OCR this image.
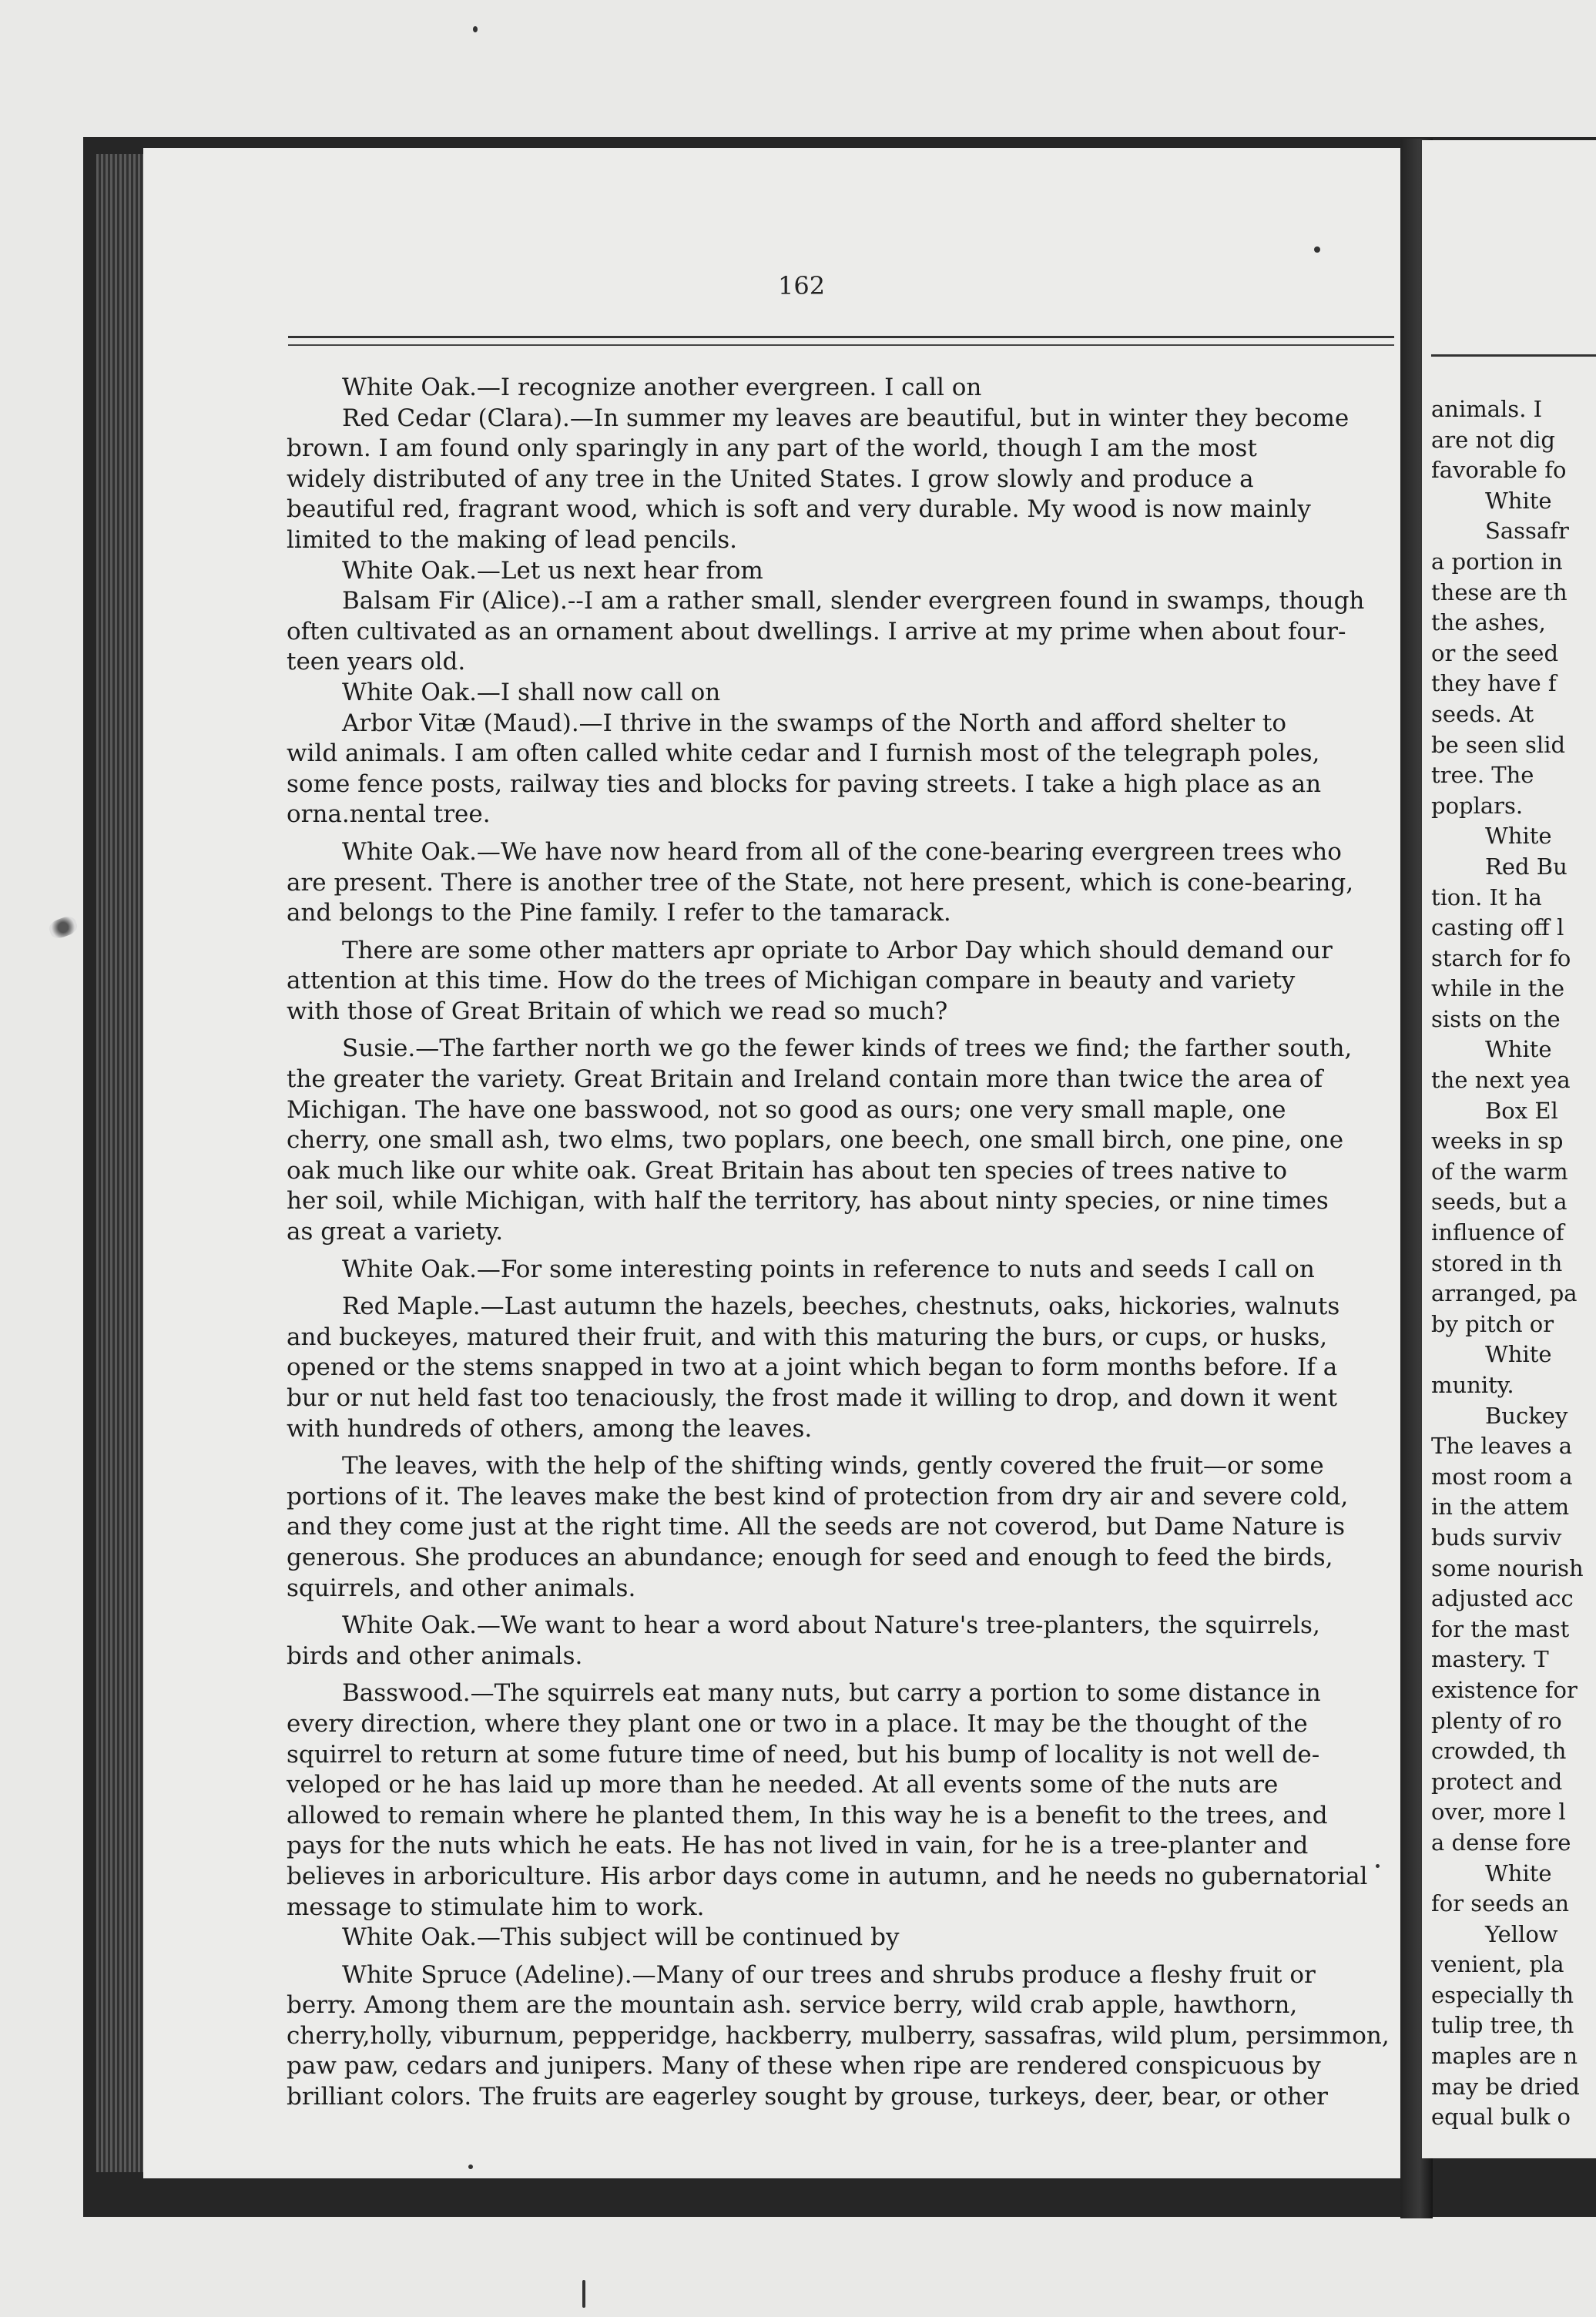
animals. I
are not dig
favorable fo
White
Sassafr
a portion in
these are th
the ashes,
or the seed
they have f
seeds. At
be seen slid
tree. The
poplars.
White
Red Bu
tion. It ha
casting off l
starch for fo
while in the
sists on the
White
the next yea
Box El
weeks in sp
of the warm
seeds, but a
influence of
stored in th
arranged, pa
by pitch or
White
munity.
Buckey
The leaves a
most room a
in the attem
buds surviv
some nourish
adjusted acc
for the mast
mastery. T
existence for
plenty of ro
crowded, th
protect and
over, more l
a dense fore
White
for seeds an
Yellow
venient, pla
especially th
tulip tree, th
maples are n
may be dried
equal bulk o
162
White Oak.—I recognize another evergreen. I call on
Red Cedar (Clara).—In summer my leaves are beautiful, but in winter they become
brown. I am found only sparingly in any part of the world, though I am the most
widely distributed of any tree in the United States. I grow slowly and produce a
beautiful red, fragrant wood, which is soft and very durable. My wood is now mainly
limited to the making of lead pencils.
White Oak.—Let us next hear from
Balsam Fir (Alice).--I am a rather small, slender evergreen found in swamps, though
often cultivated as an ornament about dwellings. I arrive at my prime when about four-
teen years old.
White Oak.—I shall now call on
Arbor Vitæ (Maud).—I thrive in the swamps of the North and afford shelter to
wild animals. I am often called white cedar and I furnish most of the telegraph poles,
some fence posts, railway ties and blocks for paving streets. I take a high place as an
orna.nental tree.
White Oak.—We have now heard from all of the cone-bearing evergreen trees who
are present. There is another tree of the State, not here present, which is cone-bearing,
and belongs to the Pine family. I refer to the tamarack.
There are some other matters apr opriate to Arbor Day which should demand our
attention at this time. How do the trees of Michigan compare in beauty and variety
with those of Great Britain of which we read so much?
Susie.—The farther north we go the fewer kinds of trees we find; the farther south,
the greater the variety. Great Britain and Ireland contain more than twice the area of
Michigan. The have one basswood, not so good as ours; one very small maple, one
cherry, one small ash, two elms, two poplars, one beech, one small birch, one pine, one
oak much like our white oak. Great Britain has about ten species of trees native to
her soil, while Michigan, with half the territory, has about ninty species, or nine times
as great a variety.
White Oak.—For some interesting points in reference to nuts and seeds I call on
Red Maple.—Last autumn the hazels, beeches, chestnuts, oaks, hickories, walnuts
and buckeyes, matured their fruit, and with this maturing the burs, or cups, or husks,
opened or the stems snapped in two at a joint which began to form months before. If a
bur or nut held fast too tenaciously, the frost made it willing to drop, and down it went
with hundreds of others, among the leaves.
The leaves, with the help of the shifting winds, gently covered the fruit—or some
portions of it. The leaves make the best kind of protection from dry air and severe cold,
and they come just at the right time. All the seeds are not coverod, but Dame Nature is
generous. She produces an abundance; enough for seed and enough to feed the birds,
squirrels, and other animals.
White Oak.—We want to hear a word about Nature's tree-planters, the squirrels,
birds and other animals.
Basswood.—The squirrels eat many nuts, but carry a portion to some distance in
every direction, where they plant one or two in a place. It may be the thought of the
squirrel to return at some future time of need, but his bump of locality is not well de-
veloped or he has laid up more than he needed. At all events some of the nuts are
allowed to remain where he planted them, In this way he is a benefit to the trees, and
pays for the nuts which he eats. He has not lived in vain, for he is a tree-planter and
believes in arboriculture. His arbor days come in autumn, and he needs no gubernatorial
message to stimulate him to work.
White Oak.—This subject will be continued by
White Spruce (Adeline).—Many of our trees and shrubs produce a fleshy fruit or
berry. Among them are the mountain ash. service berry, wild crab apple, hawthorn,
cherry,holly, viburnum, pepperidge, hackberry, mulberry, sassafras, wild plum, persimmon,
paw paw, cedars and junipers. Many of these when ripe are rendered conspicuous by
brilliant colors. The fruits are eagerley sought by grouse, turkeys, deer, bear, or other
